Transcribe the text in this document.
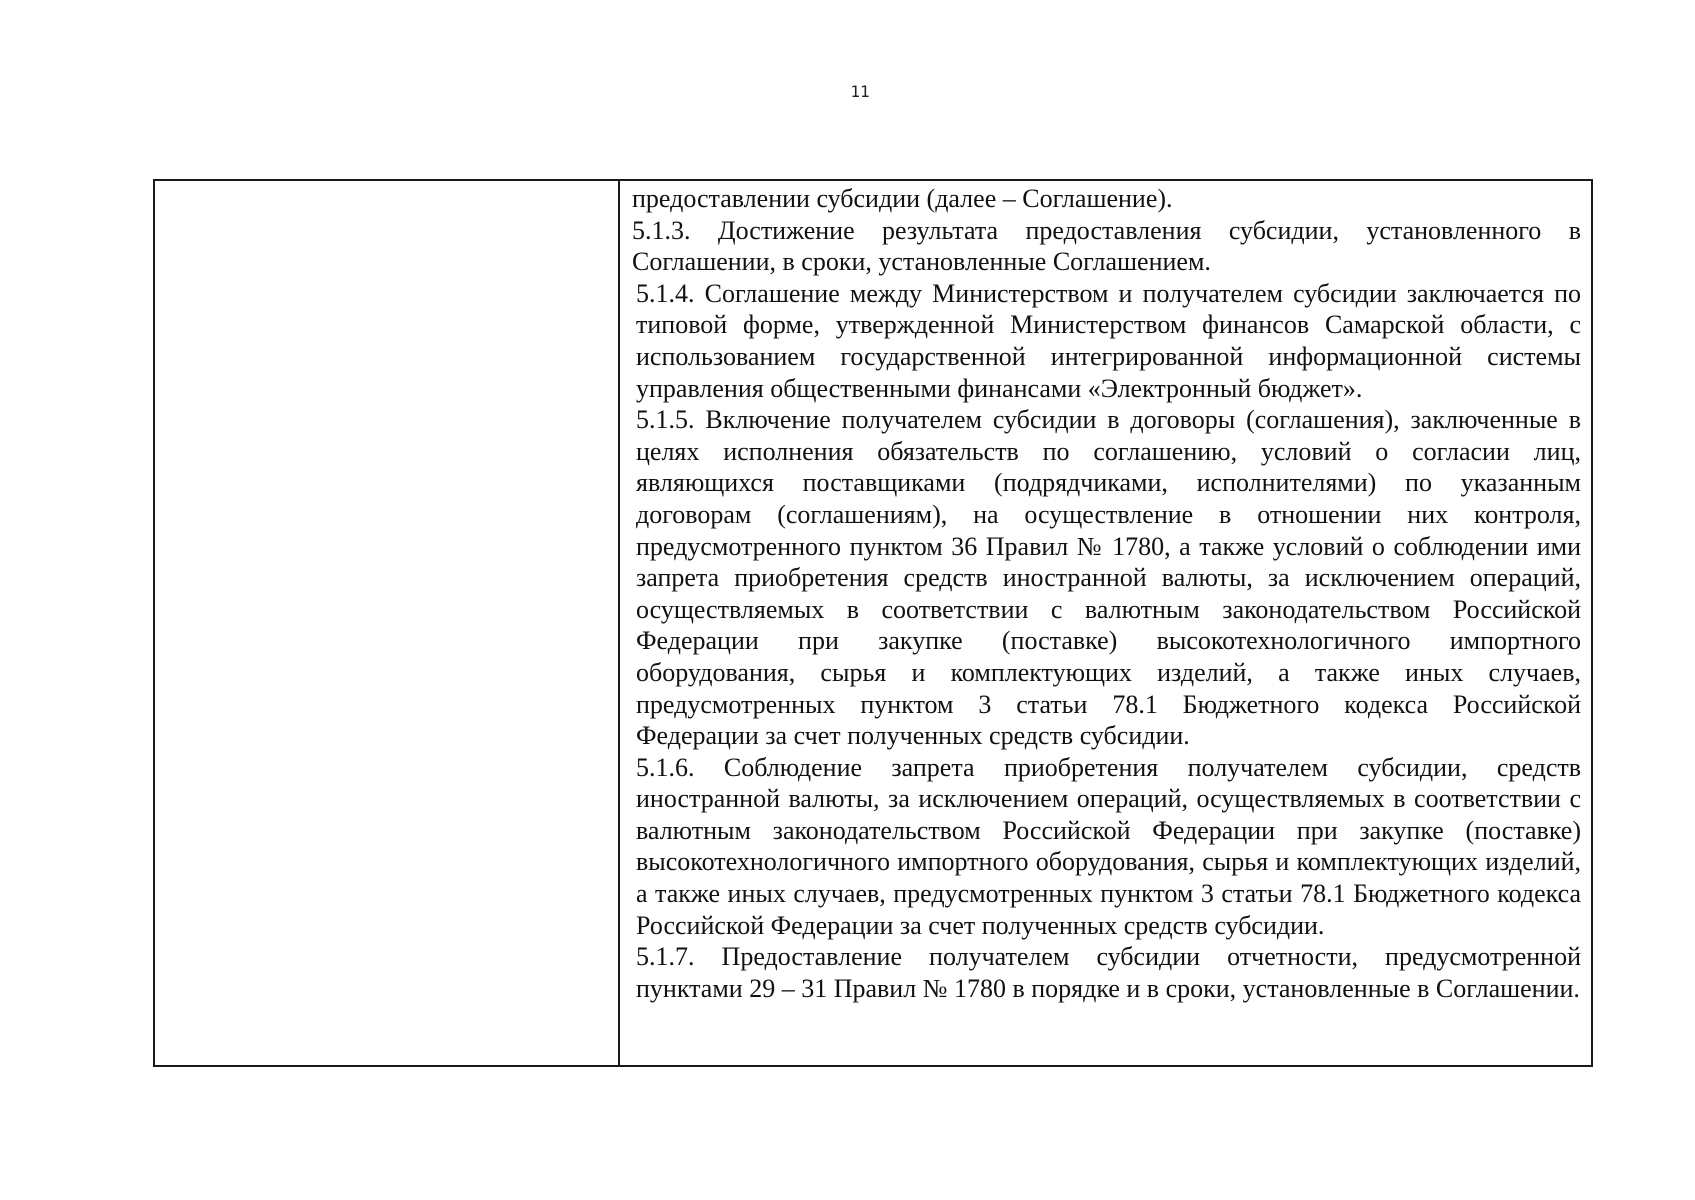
11

предоставлении субсидии (далее – Соглашение).

5.1.3. Достижение результата предоставления субсидии, установленного в Соглашении, в сроки, установленные Соглашением.

5.1.4. Соглашение между Министерством и получателем субсидии заключается по типовой форме, утвержденной Министерством финансов Самарской области, с использованием государственной интегрированной информационной системы управления общественными финансами «Электронный бюджет».

5.1.5. Включение получателем субсидии в договоры (соглашения), заключенные в целях исполнения обязательств по соглашению, условий о согласии лиц, являющихся поставщиками (подрядчиками, исполнителями) по указанным договорам (соглашениям), на осуществление в отношении них контроля, предусмотренного пунктом 36 Правил № 1780, а также условий о соблюдении ими запрета приобретения средств иностранной валюты, за исключением операций, осуществляемых в соответствии с валютным законодательством Российской Федерации при закупке (поставке) высокотехнологичного импортного оборудования, сырья и комплектующих изделий, а также иных случаев, предусмотренных пунктом 3 статьи 78.1 Бюджетного кодекса Российской Федерации за счет полученных средств субсидии.

5.1.6. Соблюдение запрета приобретения получателем субсидии, средств иностранной валюты, за исключением операций, осуществляемых в соответствии с валютным законодательством Российской Федерации при закупке (поставке) высокотехнологичного импортного оборудования, сырья и комплектующих изделий, а также иных случаев, предусмотренных пунктом 3 статьи 78.1 Бюджетного кодекса Российской Федерации за счет полученных средств субсидии.

5.1.7. Предоставление получателем субсидии отчетности, предусмотренной пунктами 29 – 31 Правил № 1780 в порядке и в сроки, установленные в Соглашении.
